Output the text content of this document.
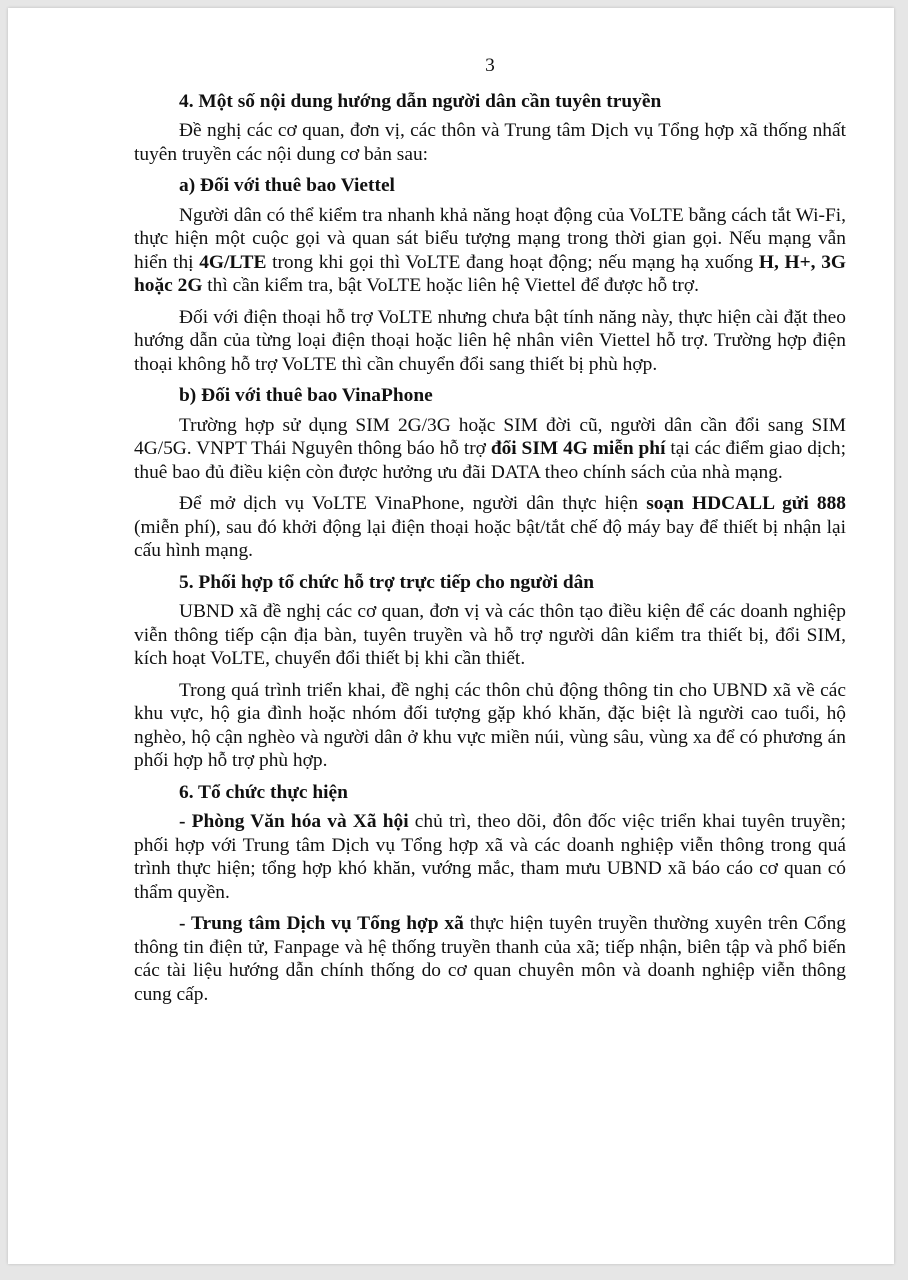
3
4. Một số nội dung hướng dẫn người dân cần tuyên truyền

Đề nghị các cơ quan, đơn vị, các thôn và Trung tâm Dịch vụ Tổng hợp xã thống nhất tuyên truyền các nội dung cơ bản sau:

a) Đối với thuê bao Viettel

Người dân có thể kiểm tra nhanh khả năng hoạt động của VoLTE bằng cách tắt Wi-Fi, thực hiện một cuộc gọi và quan sát biểu tượng mạng trong thời gian gọi. Nếu mạng vẫn hiển thị 4G/LTE trong khi gọi thì VoLTE đang hoạt động; nếu mạng hạ xuống H, H+, 3G hoặc 2G thì cần kiểm tra, bật VoLTE hoặc liên hệ Viettel để được hỗ trợ.

Đối với điện thoại hỗ trợ VoLTE nhưng chưa bật tính năng này, thực hiện cài đặt theo hướng dẫn của từng loại điện thoại hoặc liên hệ nhân viên Viettel hỗ trợ. Trường hợp điện thoại không hỗ trợ VoLTE thì cần chuyển đổi sang thiết bị phù hợp.

b) Đối với thuê bao VinaPhone

Trường hợp sử dụng SIM 2G/3G hoặc SIM đời cũ, người dân cần đổi sang SIM 4G/5G. VNPT Thái Nguyên thông báo hỗ trợ đổi SIM 4G miễn phí tại các điểm giao dịch; thuê bao đủ điều kiện còn được hưởng ưu đãi DATA theo chính sách của nhà mạng.

Để mở dịch vụ VoLTE VinaPhone, người dân thực hiện soạn HDCALL gửi 888 (miễn phí), sau đó khởi động lại điện thoại hoặc bật/tắt chế độ máy bay để thiết bị nhận lại cấu hình mạng.

5. Phối hợp tổ chức hỗ trợ trực tiếp cho người dân

UBND xã đề nghị các cơ quan, đơn vị và các thôn tạo điều kiện để các doanh nghiệp viễn thông tiếp cận địa bàn, tuyên truyền và hỗ trợ người dân kiểm tra thiết bị, đổi SIM, kích hoạt VoLTE, chuyển đổi thiết bị khi cần thiết.

Trong quá trình triển khai, đề nghị các thôn chủ động thông tin cho UBND xã về các khu vực, hộ gia đình hoặc nhóm đối tượng gặp khó khăn, đặc biệt là người cao tuổi, hộ nghèo, hộ cận nghèo và người dân ở khu vực miền núi, vùng sâu, vùng xa để có phương án phối hợp hỗ trợ phù hợp.

6. Tổ chức thực hiện

- Phòng Văn hóa và Xã hội chủ trì, theo dõi, đôn đốc việc triển khai tuyên truyền; phối hợp với Trung tâm Dịch vụ Tổng hợp xã và các doanh nghiệp viễn thông trong quá trình thực hiện; tổng hợp khó khăn, vướng mắc, tham mưu UBND xã báo cáo cơ quan có thẩm quyền.

- Trung tâm Dịch vụ Tổng hợp xã thực hiện tuyên truyền thường xuyên trên Cổng thông tin điện tử, Fanpage và hệ thống truyền thanh của xã; tiếp nhận, biên tập và phổ biến các tài liệu hướng dẫn chính thống do cơ quan chuyên môn và doanh nghiệp viễn thông cung cấp.
